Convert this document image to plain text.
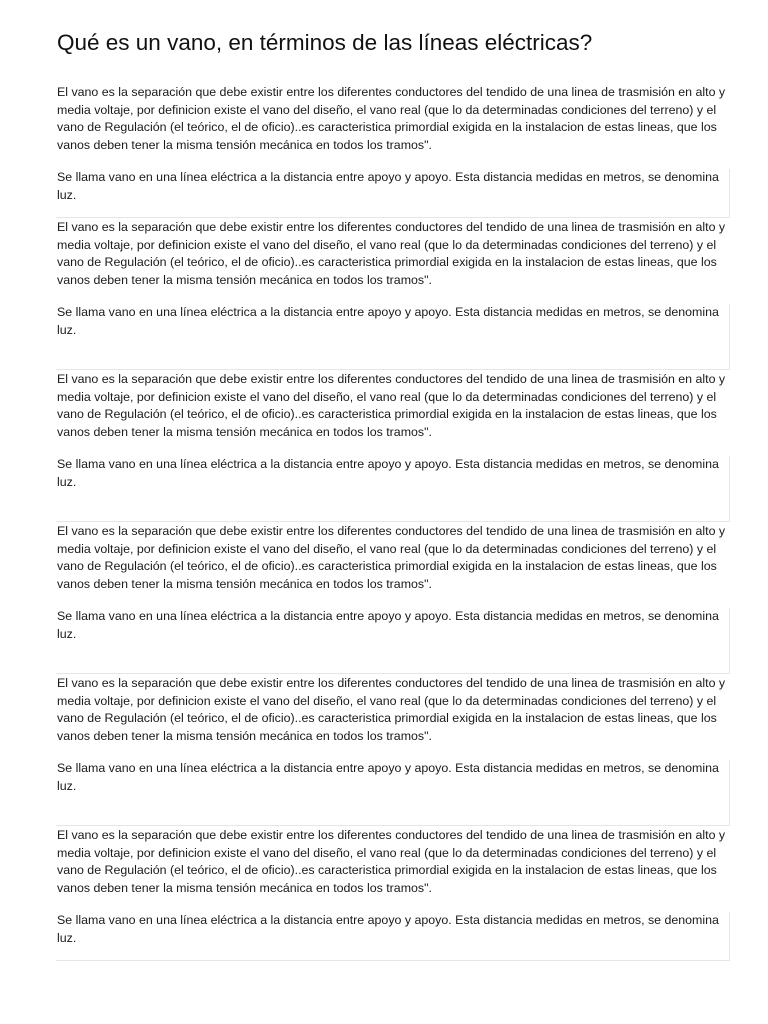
Qué es un vano, en términos de las líneas eléctricas?

El vano es la separación que debe existir entre los diferentes conductores del tendido de una linea de trasmisión en alto y media voltaje, por definicion existe el vano del diseño, el vano real (que lo da determinadas condiciones del terreno) y el vano de Regulación (el teórico, el de oficio)..es caracteristica primordial exigida en la instalacion de estas lineas, que los vanos deben tener la misma tensión mecánica en todos los tramos".

Se llama vano en una línea eléctrica a la distancia entre apoyo y apoyo. Esta distancia medidas en metros, se denomina luz.

El vano es la separación que debe existir entre los diferentes conductores del tendido de una linea de trasmisión en alto y media voltaje, por definicion existe el vano del diseño, el vano real (que lo da determinadas condiciones del terreno) y el vano de Regulación (el teórico, el de oficio)..es caracteristica primordial exigida en la instalacion de estas lineas, que los vanos deben tener la misma tensión mecánica en todos los tramos".

Se llama vano en una línea eléctrica a la distancia entre apoyo y apoyo. Esta distancia medidas en metros, se denomina luz.

El vano es la separación que debe existir entre los diferentes conductores del tendido de una linea de trasmisión en alto y media voltaje, por definicion existe el vano del diseño, el vano real (que lo da determinadas condiciones del terreno) y el vano de Regulación (el teórico, el de oficio)..es caracteristica primordial exigida en la instalacion de estas lineas, que los vanos deben tener la misma tensión mecánica en todos los tramos".

Se llama vano en una línea eléctrica a la distancia entre apoyo y apoyo. Esta distancia medidas en metros, se denomina luz.

El vano es la separación que debe existir entre los diferentes conductores del tendido de una linea de trasmisión en alto y media voltaje, por definicion existe el vano del diseño, el vano real (que lo da determinadas condiciones del terreno) y el vano de Regulación (el teórico, el de oficio)..es caracteristica primordial exigida en la instalacion de estas lineas, que los vanos deben tener la misma tensión mecánica en todos los tramos".

Se llama vano en una línea eléctrica a la distancia entre apoyo y apoyo. Esta distancia medidas en metros, se denomina luz.

El vano es la separación que debe existir entre los diferentes conductores del tendido de una linea de trasmisión en alto y media voltaje, por definicion existe el vano del diseño, el vano real (que lo da determinadas condiciones del terreno) y el vano de Regulación (el teórico, el de oficio)..es caracteristica primordial exigida en la instalacion de estas lineas, que los vanos deben tener la misma tensión mecánica en todos los tramos".

Se llama vano en una línea eléctrica a la distancia entre apoyo y apoyo. Esta distancia medidas en metros, se denomina luz.

El vano es la separación que debe existir entre los diferentes conductores del tendido de una linea de trasmisión en alto y media voltaje, por definicion existe el vano del diseño, el vano real (que lo da determinadas condiciones del terreno) y el vano de Regulación (el teórico, el de oficio)..es caracteristica primordial exigida en la instalacion de estas lineas, que los vanos deben tener la misma tensión mecánica en todos los tramos".

Se llama vano en una línea eléctrica a la distancia entre apoyo y apoyo. Esta distancia medidas en metros, se denomina luz.
